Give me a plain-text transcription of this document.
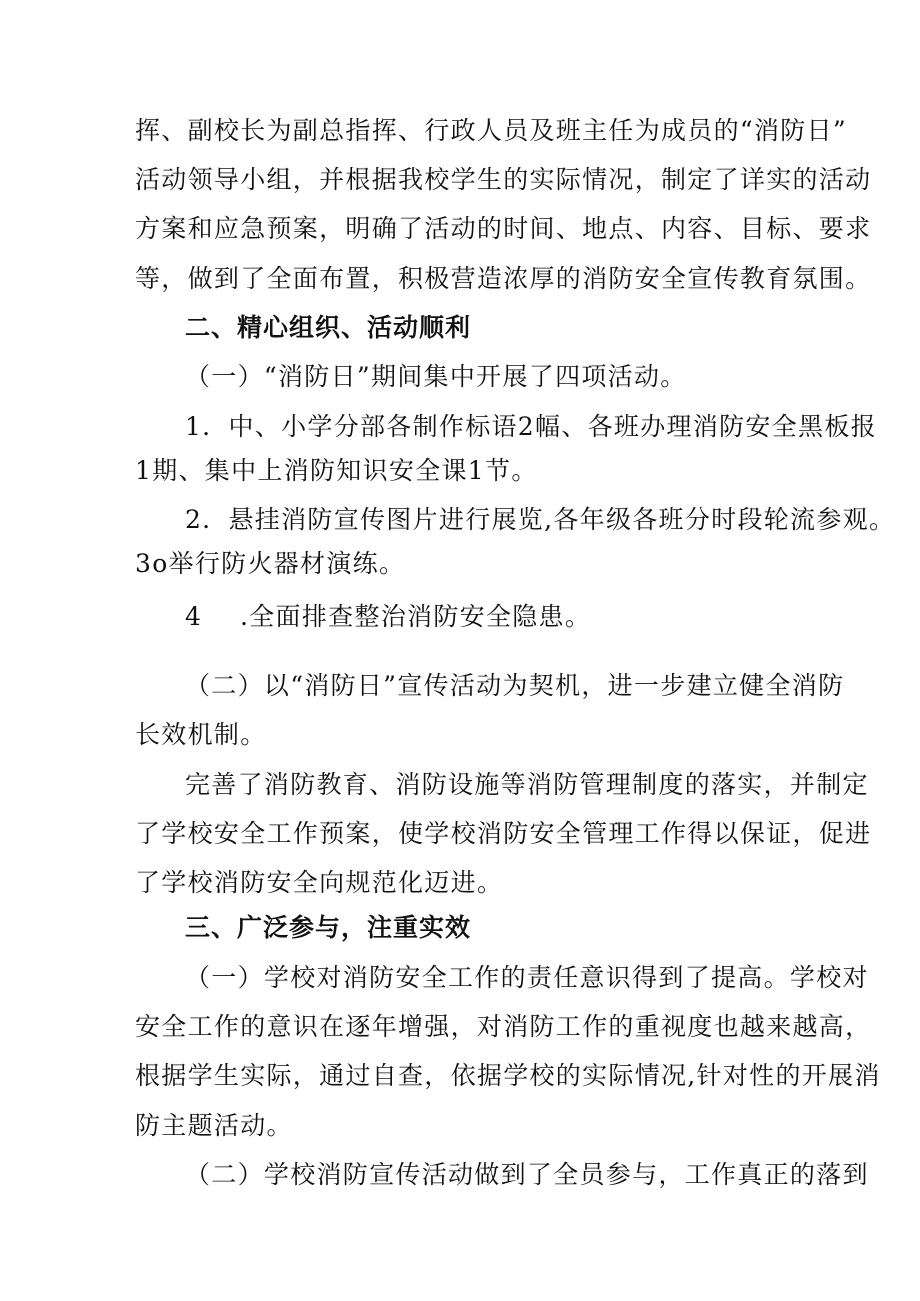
挥、副校长为副总指挥、行政人员及班主任为成员的“消防日”

活动领导小组，并根据我校学生的实际情况，制定了详实的活动

方案和应急预案，明确了活动的时间、地点、内容、目标、要求

等，做到了全面布置，积极营造浓厚的消防安全宣传教育氛围。

二、精心组织、活动顺利

（一）“消防日”期间集中开展了四项活动。

1．中、小学分部各制作标语2幅、各班办理消防安全黑板报

1期、集中上消防知识安全课1节。

2．悬挂消防宣传图片进行展览,各年级各班分时段轮流参观。

3o举行防火器材演练。

4 .全面排查整治消防安全隐患。

（二）以“消防日”宣传活动为契机，进一步建立健全消防

长效机制。

完善了消防教育、消防设施等消防管理制度的落实，并制定

了学校安全工作预案，使学校消防安全管理工作得以保证，促进

了学校消防安全向规范化迈进。

三、广泛参与，注重实效

（一）学校对消防安全工作的责任意识得到了提高。学校对

安全工作的意识在逐年增强，对消防工作的重视度也越来越高，

根据学生实际，通过自查，依据学校的实际情况,针对性的开展消

防主题活动。

（二）学校消防宣传活动做到了全员参与，工作真正的落到
